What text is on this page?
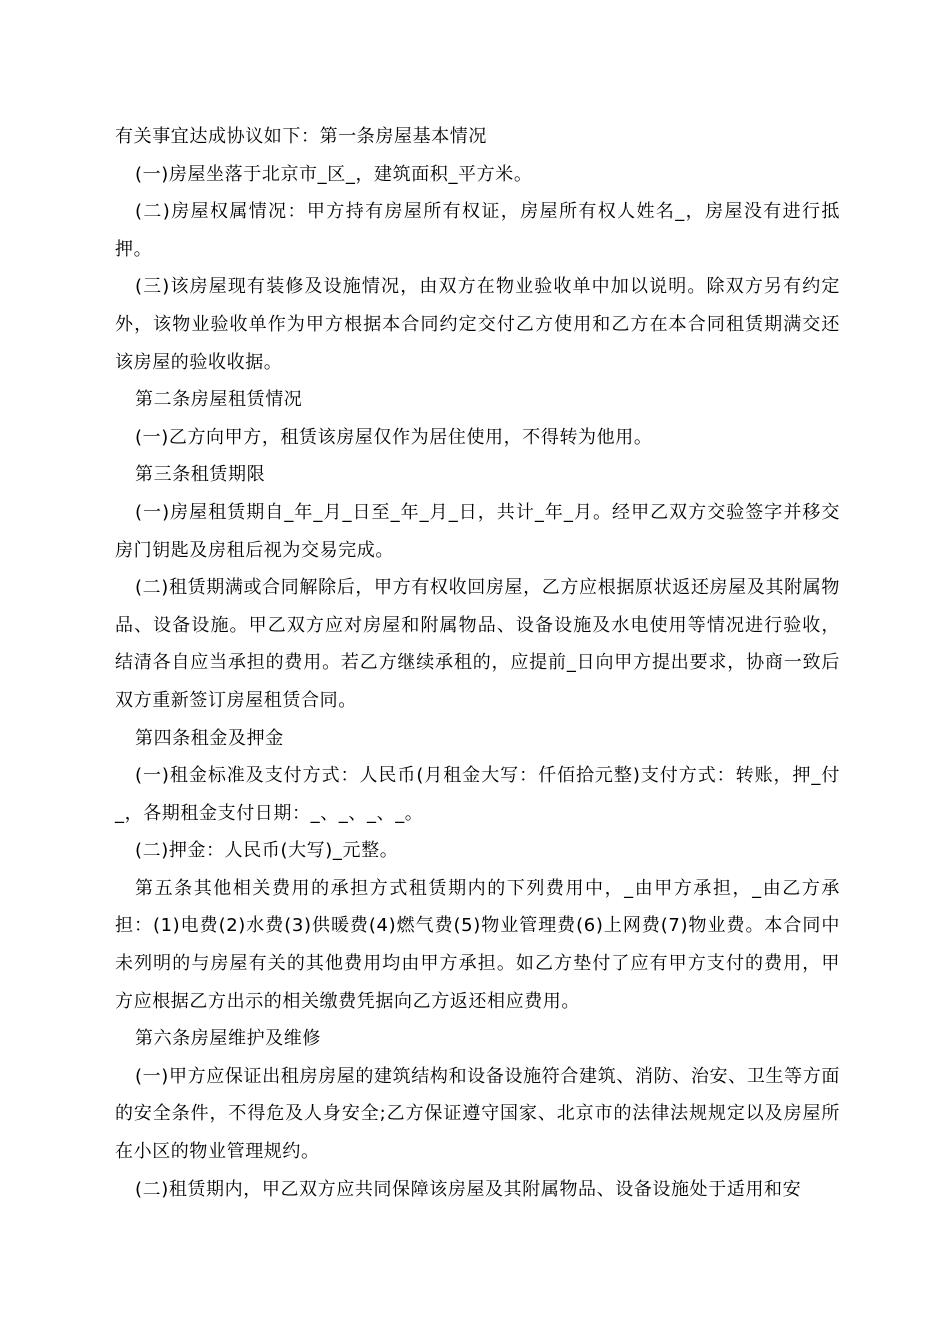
有关事宜达成协议如下：第一条房屋基本情况

(一)房屋坐落于北京市_区_，建筑面积_平方米。

(二)房屋权属情况：甲方持有房屋所有权证，房屋所有权人姓名_，房屋没有进行抵押。

(三)该房屋现有装修及设施情况，由双方在物业验收单中加以说明。除双方另有约定外，该物业验收单作为甲方根据本合同约定交付乙方使用和乙方在本合同租赁期满交还该房屋的验收收据。

第二条房屋租赁情况

(一)乙方向甲方，租赁该房屋仅作为居住使用，不得转为他用。

第三条租赁期限

(一)房屋租赁期自_年_月_日至_年_月_日，共计_年_月。经甲乙双方交验签字并移交房门钥匙及房租后视为交易完成。

(二)租赁期满或合同解除后，甲方有权收回房屋，乙方应根据原状返还房屋及其附属物品、设备设施。甲乙双方应对房屋和附属物品、设备设施及水电使用等情况进行验收，结清各自应当承担的费用。若乙方继续承租的，应提前_日向甲方提出要求，协商一致后双方重新签订房屋租赁合同。

第四条租金及押金

(一)租金标准及支付方式：人民币(月租金大写：仟佰拾元整)支付方式：转账，押_付_，各期租金支付日期：_、_、_、_。

(二)押金：人民币(大写)_元整。

第五条其他相关费用的承担方式租赁期内的下列费用中，_由甲方承担，_由乙方承担：(1)电费(2)水费(3)供暖费(4)燃气费(5)物业管理费(6)上网费(7)物业费。本合同中未列明的与房屋有关的其他费用均由甲方承担。如乙方垫付了应有甲方支付的费用，甲方应根据乙方出示的相关缴费凭据向乙方返还相应费用。

第六条房屋维护及维修

(一)甲方应保证出租房房屋的建筑结构和设备设施符合建筑、消防、治安、卫生等方面的安全条件，不得危及人身安全;乙方保证遵守国家、北京市的法律法规规定以及房屋所在小区的物业管理规约。

(二)租赁期内，甲乙双方应共同保障该房屋及其附属物品、设备设施处于适用和安
